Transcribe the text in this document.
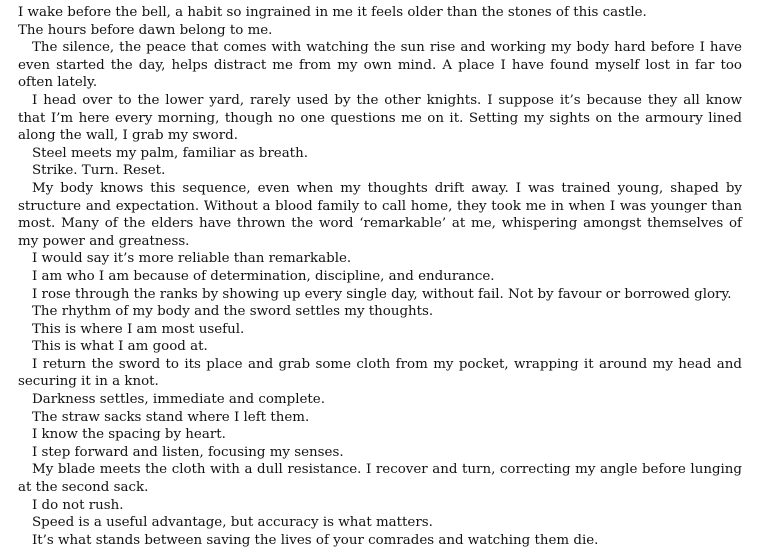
I wake before the bell, a habit so ingrained in me it feels older than the stones of this castle.

The hours before dawn belong to me.

The silence, the peace that comes with watching the sun rise and working my body hard before I have even started the day, helps distract me from my own mind. A place I have found myself lost in far too often lately.

I head over to the lower yard, rarely used by the other knights. I suppose it’s because they all know that I’m here every morning, though no one questions me on it. Setting my sights on the armoury lined along the wall, I grab my sword.

Steel meets my palm, familiar as breath.

Strike. Turn. Reset.

My body knows this sequence, even when my thoughts drift away. I was trained young, shaped by structure and expectation. Without a blood family to call home, they took me in when I was younger than most. Many of the elders have thrown the word ‘remarkable’ at me, whispering amongst themselves of my power and greatness.

I would say it’s more reliable than remarkable.

I am who I am because of determination, discipline, and endurance.

I rose through the ranks by showing up every single day, without fail. Not by favour or borrowed glory.

The rhythm of my body and the sword settles my thoughts.

This is where I am most useful.

This is what I am good at.

I return the sword to its place and grab some cloth from my pocket, wrapping it around my head and securing it in a knot.

Darkness settles, immediate and complete.

The straw sacks stand where I left them.

I know the spacing by heart.

I step forward and listen, focusing my senses.

My blade meets the cloth with a dull resistance. I recover and turn, correcting my angle before lunging at the second sack.

I do not rush.

Speed is a useful advantage, but accuracy is what matters.

It’s what stands between saving the lives of your comrades and watching them die.
